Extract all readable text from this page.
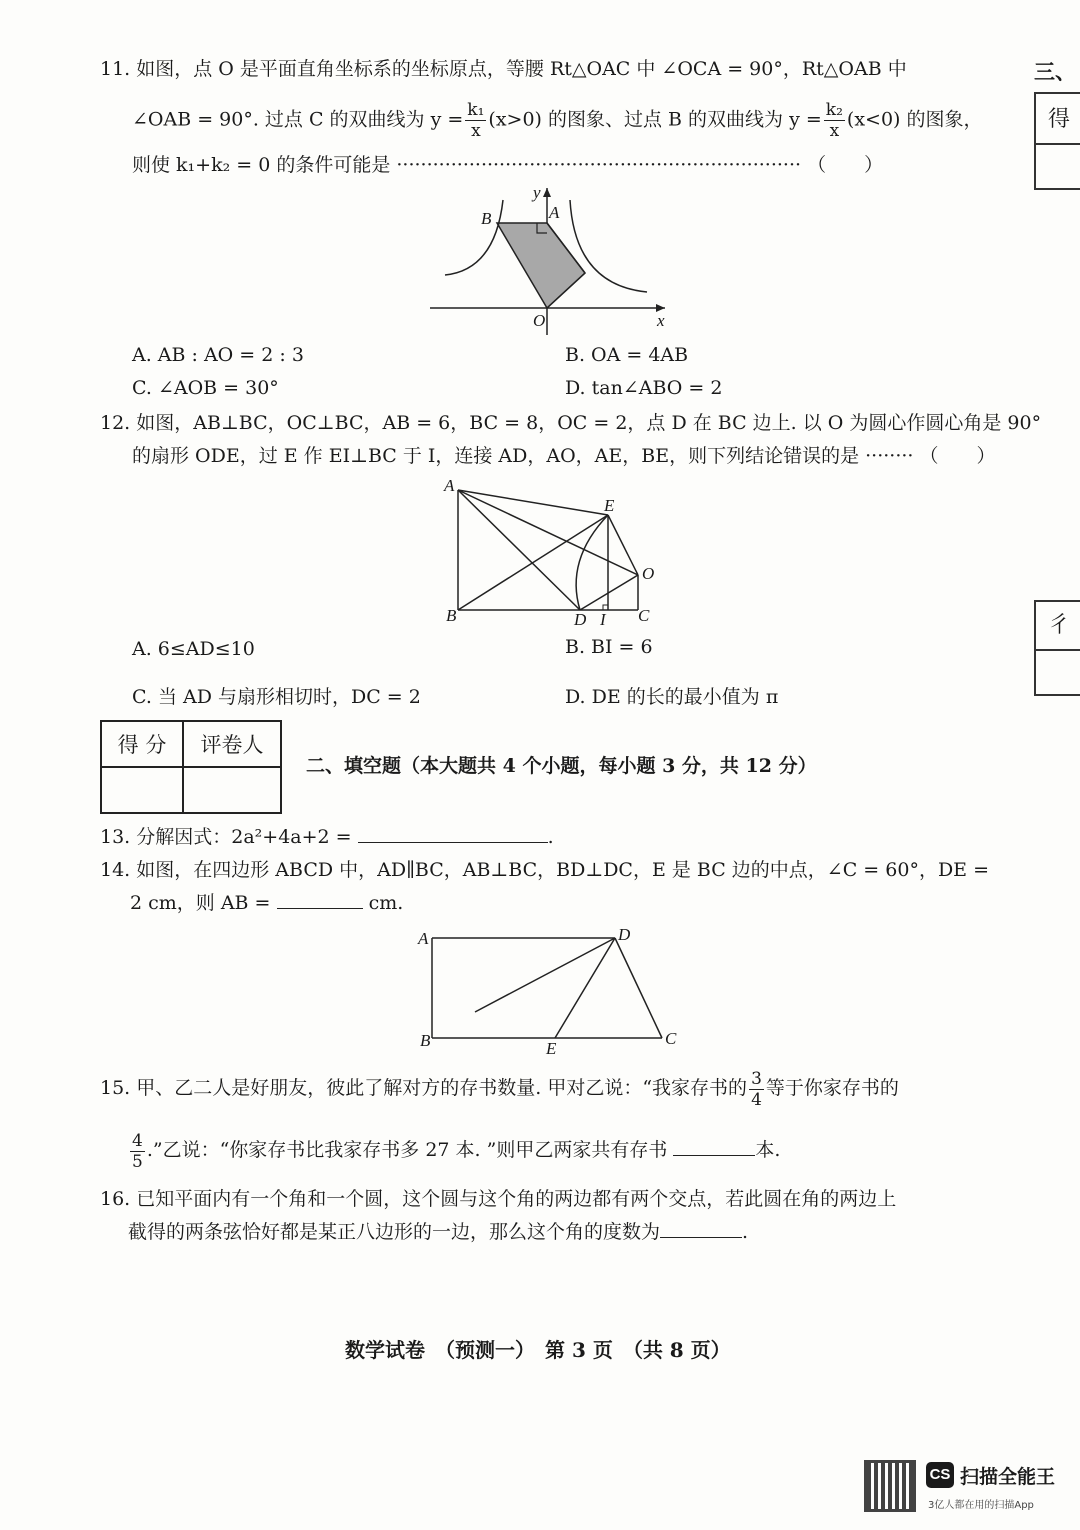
11. 如图，点 O 是平面直角坐标系的坐标原点，等腰 Rt△OAC 中 ∠OCA = 90°，Rt△OAB 中
∠OAB = 90°. 过点 C 的双曲线为 $y = \frac{\text{k₁}}{x} (x>0)$ 的图象、过点 B 的双曲线为 $y = \frac{\text{k₂}}{x} (x<0)$ 的图象，
则使 k₁+k₂ = 0 的条件可能是 ··································································· （　　）
B	A
y
O	x
A. AB : AO = 2 : 3	B. OA = 4AB
C. ∠AOB = 30°	D. tan∠ABO = 2
12. 如图，AB⊥BC，OC⊥BC，AB = 6，BC = 8，OC = 2，点 D 在 BC 边上. 以 O 为圆心作圆心角是 90°
的扇形 ODE，过 E 作 EI⊥BC 于 I，连接 AD，AO，AE，BE，则下列结论错误的是 ········ （　　）
A
E
O
B	D I C
A. 6≤AD≤10	B. BI = 6
C. 当 AD 与扇形相切时，DC = 2	D. DE 的长的最小值为 π
得 分	评卷人

二、填空题（本大题共 4 个小题，每小题 3 分，共 12 分）
13. 分解因式：2a²+4a+2 =	.
14. 如图，在四边形 ABCD 中，AD∥BC，AB⊥BC，BD⊥DC，E 是 BC 边的中点，∠C = 60°，DE =
2 cm，则 AB =	cm.
A	D
B	E
C
15. 甲、乙二人是好朋友，彼此了解对方的存书数量. 甲对乙说：“我家存书的 $\frac{3}{4}$ 等于你家存书的
$\frac{4}{5}$ .”乙说：“你家存书比我家存书多 27 本. ”则甲乙两家共有存书	本.
16. 已知平面内有一个角和一个圆，这个圆与这个角的两边都有两个交点，若此圆在角的两边上
截得的两条弦恰好都是某正八边形的一边，那么这个角的度数为	.
数学试卷　（预测一）　第 3 页　（共 8 页）
三、
得
彳
CS 扫描全能王
3亿人都在用的扫描App
